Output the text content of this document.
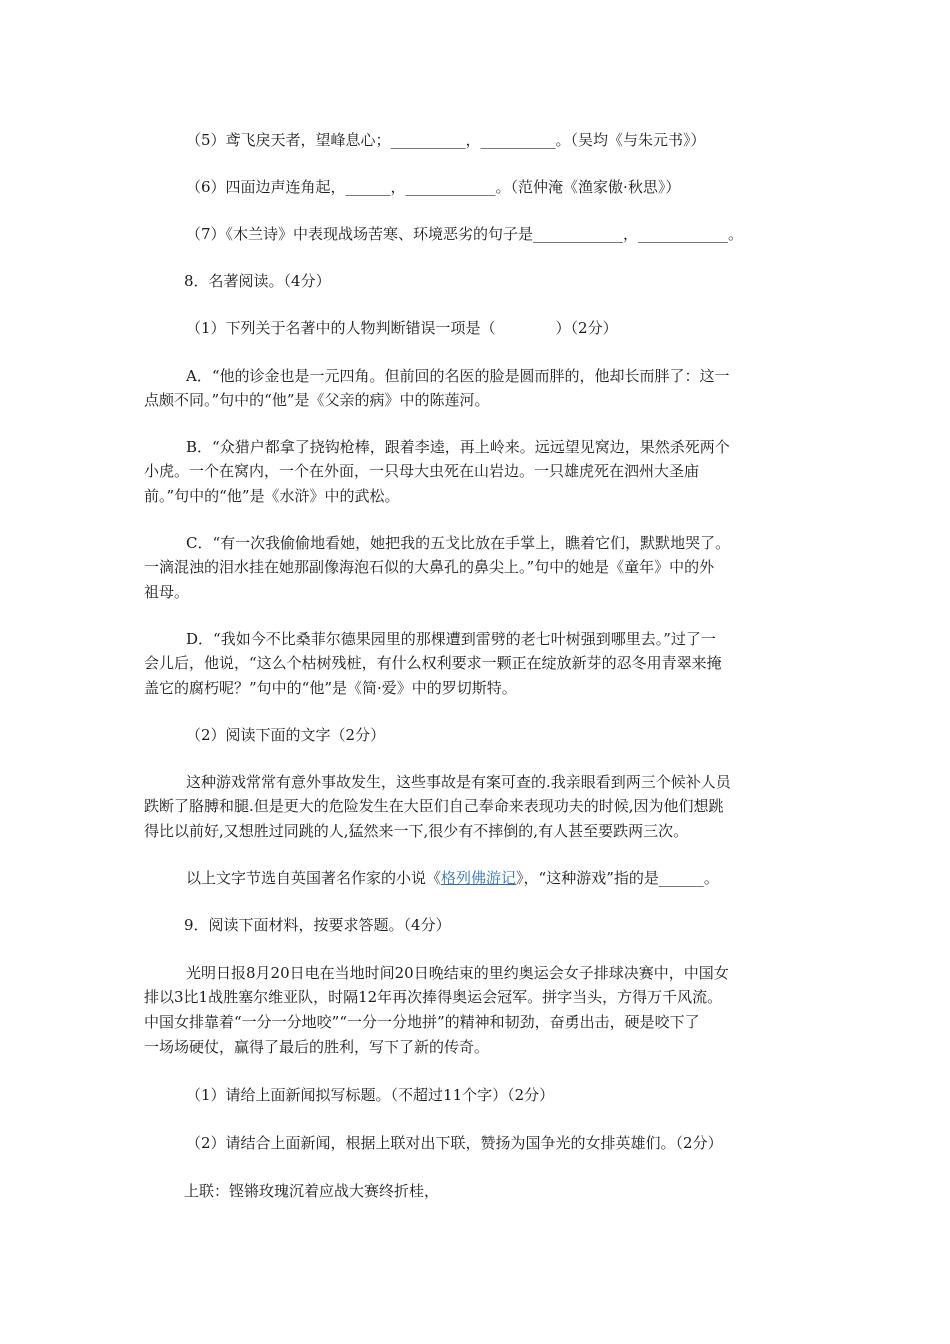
（5）鸢飞戾天者，望峰息心；__________，__________。（吴均《与朱元书》）
（6）四面边声连角起，______，____________。（范仲淹《渔家傲·秋思》）
（7）《木兰诗》中表现战场苦寒、环境恶劣的句子是____________，____________。
8．名著阅读。（4分）
（1）下列关于名著中的人物判断错误一项是（　　　　）（2分）
A．“他的诊金也是一元四角。但前回的名医的脸是圆而胖的，他却长而胖了：这一
点颇不同。”句中的“他”是《父亲的病》中的陈莲河。
B．“众猎户都拿了挠钩枪棒，跟着李逵，再上岭来。远远望见窝边，果然杀死两个
小虎。一个在窝内，一个在外面，一只母大虫死在山岩边。一只雄虎死在泗州大圣庙
前。”句中的“他”是《水浒》中的武松。
C．“有一次我偷偷地看她，她把我的五戈比放在手掌上，瞧着它们，默默地哭了。
一滴混浊的泪水挂在她那副像海泡石似的大鼻孔的鼻尖上。”句中的她是《童年》中的外
祖母。
D．“我如今不比桑菲尔德果园里的那棵遭到雷劈的老七叶树强到哪里去。”过了一
会儿后，他说，“这么个枯树残桩，有什么权利要求一颗正在绽放新芽的忍冬用青翠来掩
盖它的腐朽呢？”句中的“他”是《简·爱》中的罗切斯特。
（2）阅读下面的文字（2分）
这种游戏常常有意外事故发生，这些事故是有案可查的.我亲眼看到两三个候补人员
跌断了胳膊和腿.但是更大的危险发生在大臣们自己奉命来表现功夫的时候,因为他们想跳
得比以前好,又想胜过同跳的人,猛然来一下,很少有不摔倒的,有人甚至要跌两三次。
以上文字节选自英国著名作家的小说《格列佛游记》，“这种游戏”指的是______。
9．阅读下面材料，按要求答题。（4分）
光明日报8月20日电在当地时间20日晚结束的里约奥运会女子排球决赛中，中国女
排以3比1战胜塞尔维亚队，时隔12年再次捧得奥运会冠军。拼字当头，方得万千风流。
中国女排靠着“一分一分地咬”“一分一分地拼”的精神和韧劲，奋勇出击，硬是咬下了
一场场硬仗，赢得了最后的胜利，写下了新的传奇。
（1）请给上面新闻拟写标题。（不超过11个字）（2分）
（2）请结合上面新闻，根据上联对出下联，赞扬为国争光的女排英雄们。（2分）
上联：铿锵玫瑰沉着应战大赛终折桂，
